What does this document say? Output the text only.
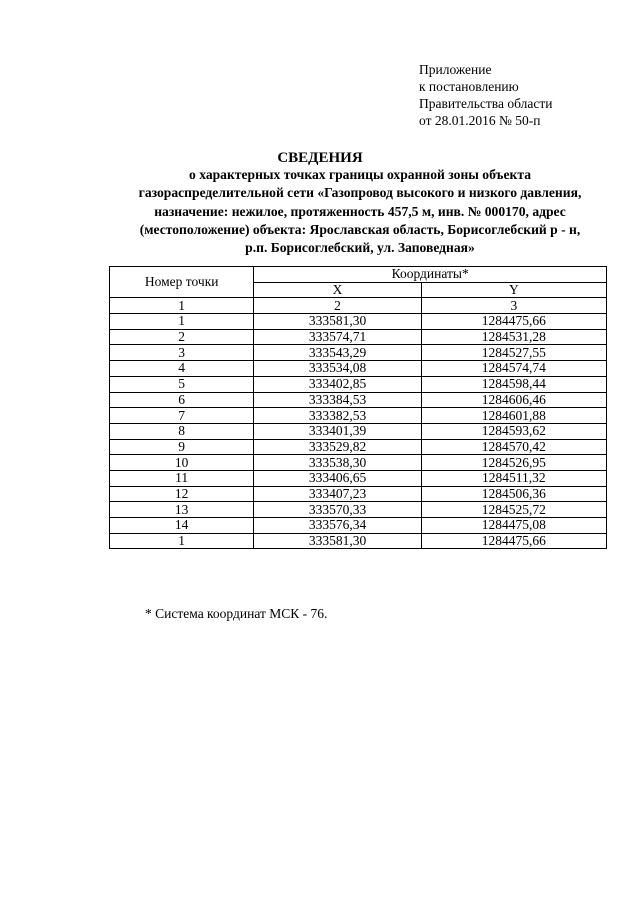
Приложение
к постановлению
Правительства области
от 28.01.2016 № 50-п
СВЕДЕНИЯ
о характерных точках границы охранной зоны объекта
газораспределительной сети «Газопровод высокого и низкого давления,
назначение: нежилое, протяженность 457,5 м, инв. № 000170, адрес
(местоположение) объекта: Ярославская область, Борисоглебский р - н,
р.п. Борисоглебский, ул. Заповедная»
Номер точки	Координаты*	
	X	Y
1	2	3
1	333581,30	1284475,66
2	333574,71	1284531,28
3	333543,29	1284527,55
4	333534,08	1284574,74
5	333402,85	1284598,44
6	333384,53	1284606,46
7	333382,53	1284601,88
8	333401,39	1284593,62
9	333529,82	1284570,42
10	333538,30	1284526,95
11	333406,65	1284511,32
12	333407,23	1284506,36
13	333570,33	1284525,72
14	333576,34	1284475,08
1	333581,30	1284475,66
* Система координат МСК - 76.
